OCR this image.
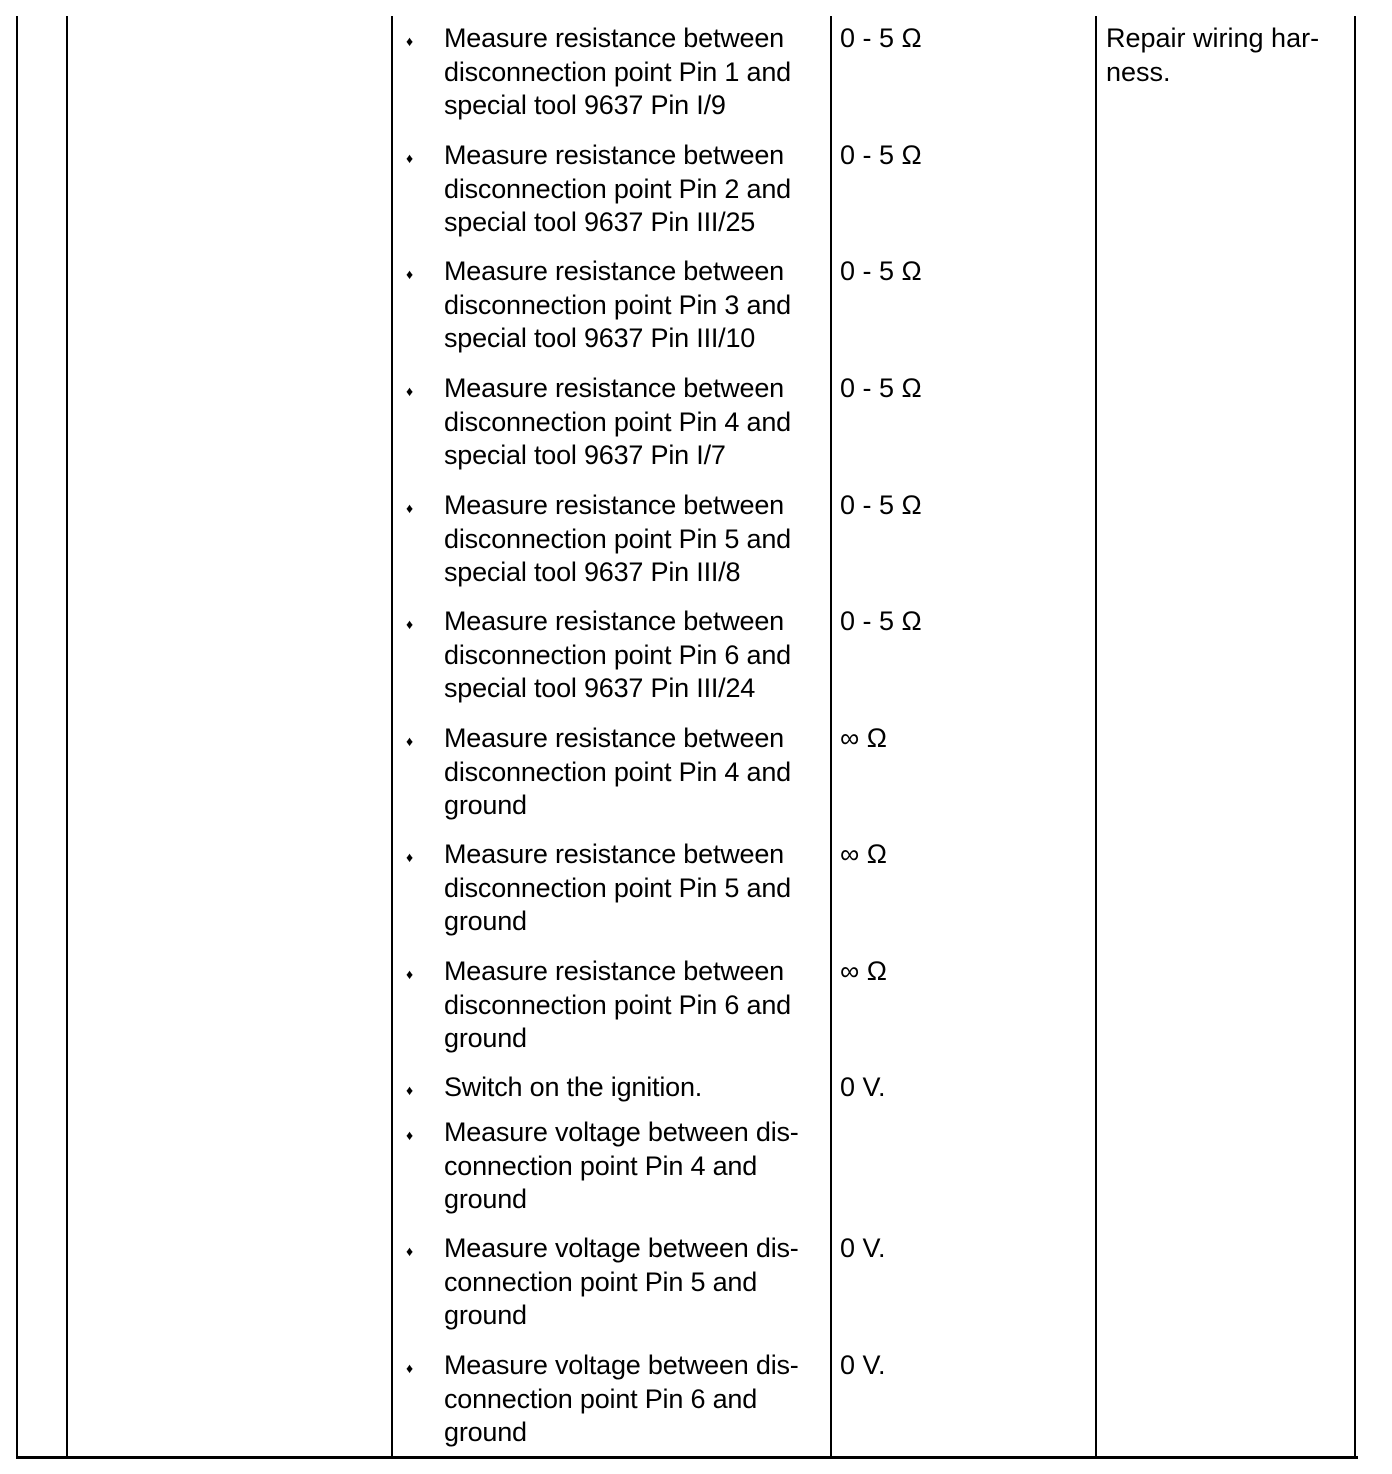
♦ Measure resistance between
disconnection point Pin 1 and
special tool 9637 Pin I/9
0 - 5 Ω
♦ Measure resistance between
disconnection point Pin 2 and
special tool 9637 Pin III/25
0 - 5 Ω
♦ Measure resistance between
disconnection point Pin 3 and
special tool 9637 Pin III/10
0 - 5 Ω
♦ Measure resistance between
disconnection point Pin 4 and
special tool 9637 Pin I/7
0 - 5 Ω
♦ Measure resistance between
disconnection point Pin 5 and
special tool 9637 Pin III/8
0 - 5 Ω
♦ Measure resistance between
disconnection point Pin 6 and
special tool 9637 Pin III/24
0 - 5 Ω
♦ Measure resistance between
disconnection point Pin 4 and
ground
∞ Ω
♦ Measure resistance between
disconnection point Pin 5 and
ground
∞ Ω
♦ Measure resistance between
disconnection point Pin 6 and
ground
∞ Ω
♦ Switch on the ignition.	0 V.
♦ Measure voltage between dis-
connection point Pin 4 and
ground
♦ Measure voltage between dis-
connection point Pin 5 and
ground
0 V.
♦ Measure voltage between dis-
connection point Pin 6 and
ground
0 V.
Repair wiring har-
ness.
